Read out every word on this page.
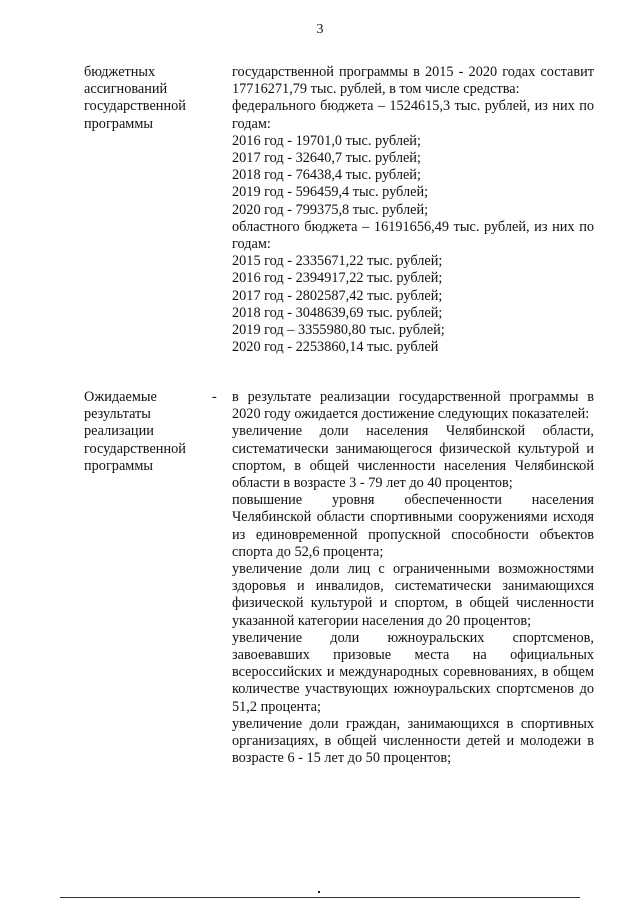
3
бюджетных
ассигнований
государственной
программы

государственной программы в 2015 - 2020 годах составит 17716271,79 тыс. рублей, в том числе средства:

федерального бюджета – 1524615,3 тыс. рублей, из них по годам:

2016 год - 19701,0 тыс. рублей;

2017 год - 32640,7 тыс. рублей;

2018 год - 76438,4 тыс. рублей;

2019 год - 596459,4 тыс. рублей;

2020 год - 799375,8 тыс. рублей;

областного бюджета – 16191656,49 тыс. рублей, из них по годам:

2015 год - 2335671,22 тыс. рублей;

2016 год - 2394917,22 тыс. рублей;

2017 год - 2802587,42 тыс. рублей;

2018 год - 3048639,69 тыс. рублей;

2019 год – 3355980,80 тыс. рублей;

2020 год - 2253860,14 тыс. рублей

Ожидаемые
результаты
реализации
государственной
программы
- в результате реализации государственной программы в 2020 году ожидается достижение следующих показателей:

увеличение доли населения Челябинской области, систематически занимающегося физической культурой и спортом, в общей численности населения Челябинской области в возрасте 3 - 79 лет до 40 процентов;

повышение уровня обеспеченности населения Челябинской области спортивными сооружениями исходя из единовременной пропускной способности объектов спорта до 52,6 процента;

увеличение доли лиц с ограниченными возможностями здоровья и инвалидов, систематически занимающихся физической культурой и спортом, в общей численности указанной категории населения до 20 процентов;

увеличение доли южноуральских спортсменов, завоевавших призовые места на официальных всероссийских и международных соревнованиях, в общем количестве участвующих южноуральских спортсменов до 51,2 процента;

увеличение доли граждан, занимающихся в спортивных организациях, в общей численности детей и молодежи в возрасте 6 - 15 лет до 50 процентов;
